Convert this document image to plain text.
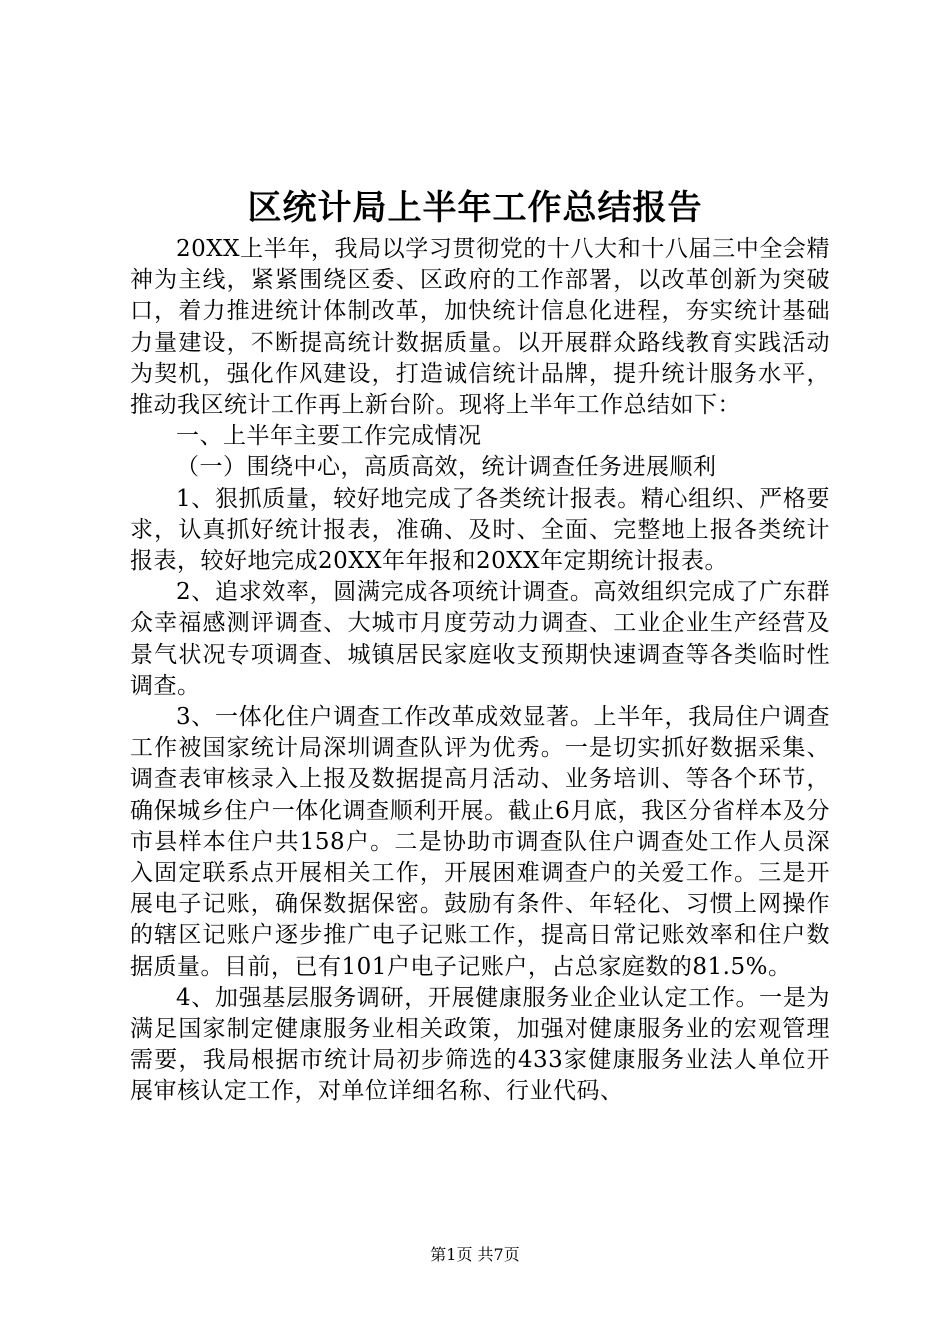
区统计局上半年工作总结报告

20XX上半年，我局以学习贯彻党的十八大和十八届三中全会精神为主线，紧紧围绕区委、区政府的工作部署，以改革创新为突破口，着力推进统计体制改革，加快统计信息化进程，夯实统计基础力量建设，不断提高统计数据质量。以开展群众路线教育实践活动为契机，强化作风建设，打造诚信统计品牌，提升统计服务水平，推动我区统计工作再上新台阶。现将上半年工作总结如下：

一、上半年主要工作完成情况

（一）围绕中心，高质高效，统计调查任务进展顺利

1、狠抓质量，较好地完成了各类统计报表。精心组织、严格要求，认真抓好统计报表，准确、及时、全面、完整地上报各类统计报表，较好地完成20XX年年报和20XX年定期统计报表。

2、追求效率，圆满完成各项统计调查。高效组织完成了广东群众幸福感测评调查、大城市月度劳动力调查、工业企业生产经营及景气状况专项调查、城镇居民家庭收支预期快速调查等各类临时性调查。

3、一体化住户调查工作改革成效显著。上半年，我局住户调查工作被国家统计局深圳调查队评为优秀。一是切实抓好数据采集、调查表审核录入上报及数据提高月活动、业务培训、等各个环节，确保城乡住户一体化调查顺利开展。截止6月底，我区分省样本及分市县样本住户共158户。二是协助市调查队住户调查处工作人员深入固定联系点开展相关工作，开展困难调查户的关爱工作。三是开展电子记账，确保数据保密。鼓励有条件、年轻化、习惯上网操作的辖区记账户逐步推广电子记账工作，提高日常记账效率和住户数据质量。目前，已有101户电子记账户，占总家庭数的81.5%。

4、加强基层服务调研，开展健康服务业企业认定工作。一是为满足国家制定健康服务业相关政策，加强对健康服务业的宏观管理需要，我局根据市统计局初步筛选的433家健康服务业法人单位开展审核认定工作，对单位详细名称、行业代码、

第1页 共7页
